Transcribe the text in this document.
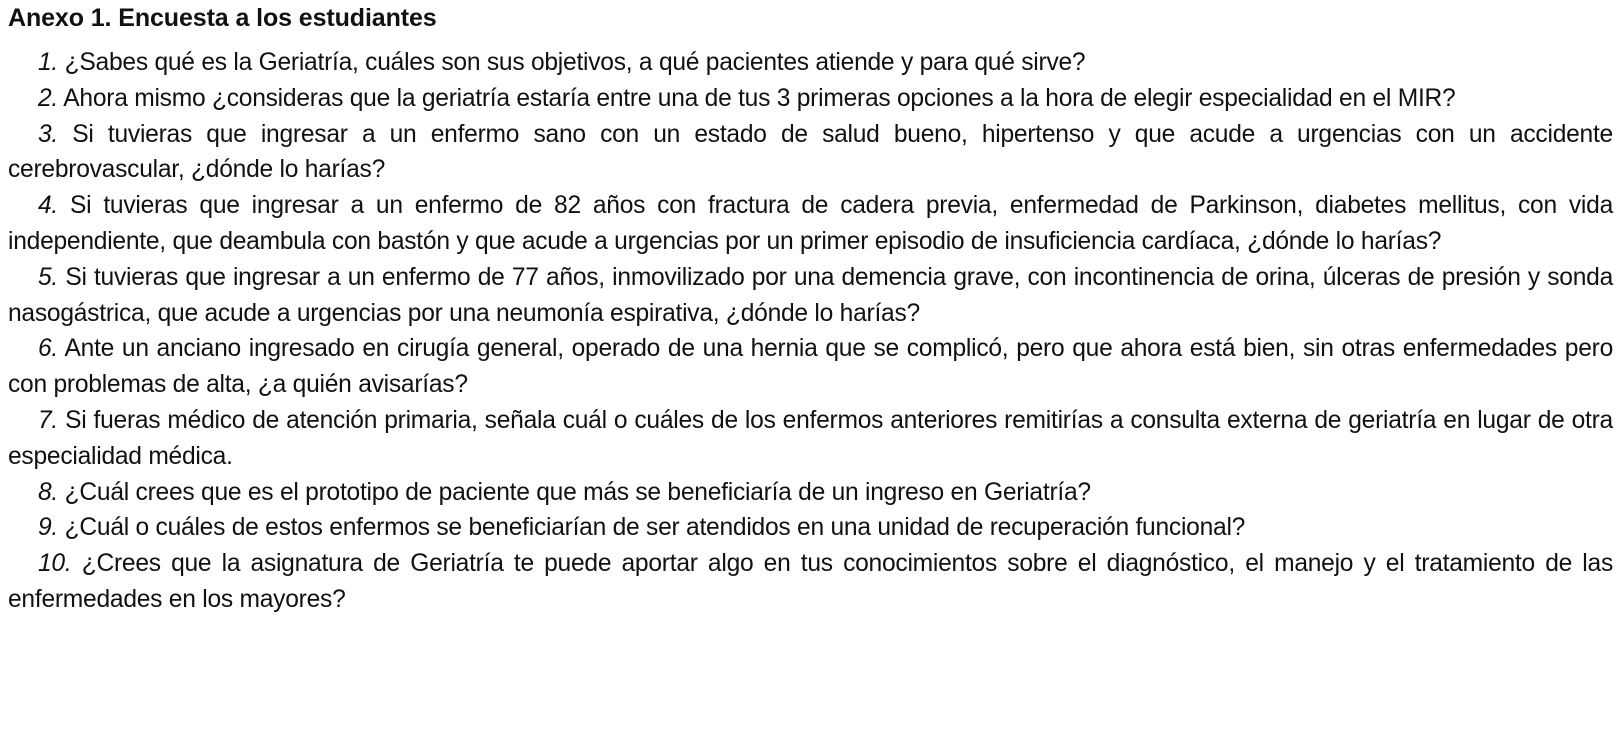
Anexo 1. Encuesta a los estudiantes
1. ¿Sabes qué es la Geriatría, cuáles son sus objetivos, a qué pacientes atiende y para qué sirve?
2. Ahora mismo ¿consideras que la geriatría estaría entre una de tus 3 primeras opciones a la hora de elegir especialidad en el MIR?
3. Si tuvieras que ingresar a un enfermo sano con un estado de salud bueno, hipertenso y que acude a urgencias con un accidente cerebrovascular, ¿dónde lo harías?
4. Si tuvieras que ingresar a un enfermo de 82 años con fractura de cadera previa, enfermedad de Parkinson, diabetes mellitus, con vida independiente, que deambula con bastón y que acude a urgencias por un primer episodio de insuficiencia cardíaca, ¿dónde lo harías?
5. Si tuvieras que ingresar a un enfermo de 77 años, inmovilizado por una demencia grave, con incontinencia de orina, úlceras de presión y sonda nasogástrica, que acude a urgencias por una neumonía espirativa, ¿dónde lo harías?
6. Ante un anciano ingresado en cirugía general, operado de una hernia que se complicó, pero que ahora está bien, sin otras enfermedades pero con problemas de alta, ¿a quién avisarías?
7. Si fueras médico de atención primaria, señala cuál o cuáles de los enfermos anteriores remitirías a consulta externa de geriatría en lugar de otra especialidad médica.
8. ¿Cuál crees que es el prototipo de paciente que más se beneficiaría de un ingreso en Geriatría?
9. ¿Cuál o cuáles de estos enfermos se beneficiarían de ser atendidos en una unidad de recuperación funcional?
10. ¿Crees que la asignatura de Geriatría te puede aportar algo en tus conocimientos sobre el diagnóstico, el manejo y el tratamiento de las enfermedades en los mayores?
